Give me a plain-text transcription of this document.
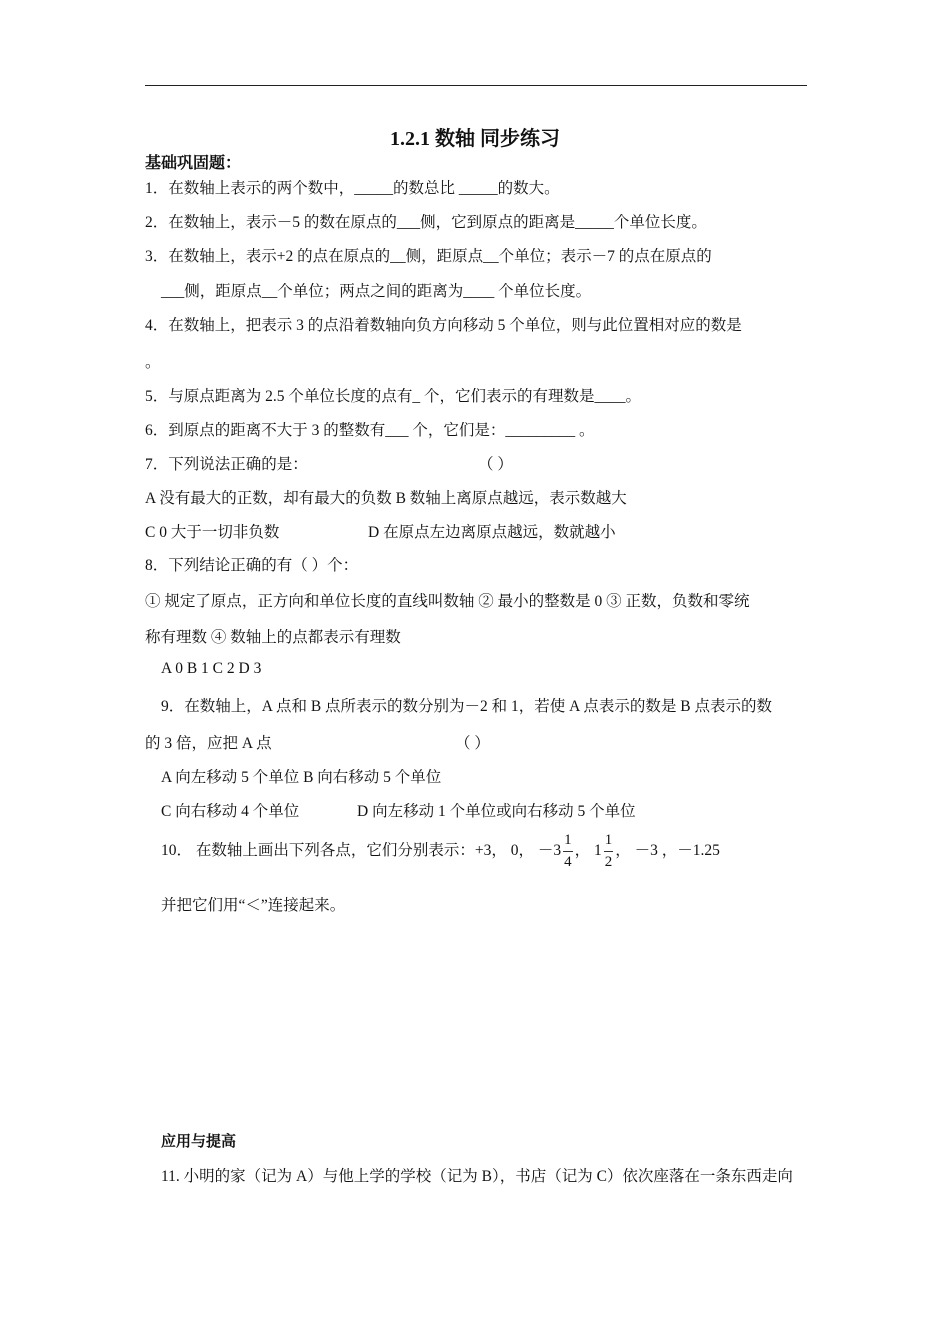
1.2.1 数轴 同步练习
基础巩固题：
1．在数轴上表示的两个数中，_____的数总比 _____的数大。
2．在数轴上，表示－5 的数在原点的___侧，它到原点的距离是_____个单位长度。
3．在数轴上，表示+2 的点在原点的__侧，距原点__个单位；表示－7 的点在原点的
___侧，距原点__个单位；两点之间的距离为____ 个单位长度。
4．在数轴上，把表示 3 的点沿着数轴向负方向移动 5 个单位，则与此位置相对应的数是
。
5．与原点距离为 2.5 个单位长度的点有_ 个，它们表示的有理数是____。
6．到原点的距离不大于 3 的整数有___ 个，它们是：_________ 。
7．下列说法正确的是：	（ ）
A 没有最大的正数，却有最大的负数 B 数轴上离原点越远，表示数越大
C 0 大于一切非负数	D 在原点左边离原点越远，数就越小
8．下列结论正确的有（ ）个：
① 规定了原点，正方向和单位长度的直线叫数轴 ② 最小的整数是 0 ③ 正数，负数和零统
称有理数 ④ 数轴上的点都表示有理数
A 0 B 1 C 2 D 3
9．在数轴上，A 点和 B 点所表示的数分别为－2 和 1，若使 A 点表示的数是 B 点表示的数
的 3 倍，应把 A 点	（ ）
A 向左移动 5 个单位 B 向右移动 5 个单位
C 向右移动 4 个单位	D 向左移动 1 个单位或向右移动 5 个单位
10． 在数轴上画出下列各点，它们分别表示：+3， 0， $-3 \frac{1}{4}$ ， $1 \frac{1}{2}$ ， －3 ，－1.25
并把它们用“＜”连接起来。
应用与提高
11. 小明的家（记为 A）与他上学的学校（记为 B），书店（记为 C）依次座落在一条东西走向
